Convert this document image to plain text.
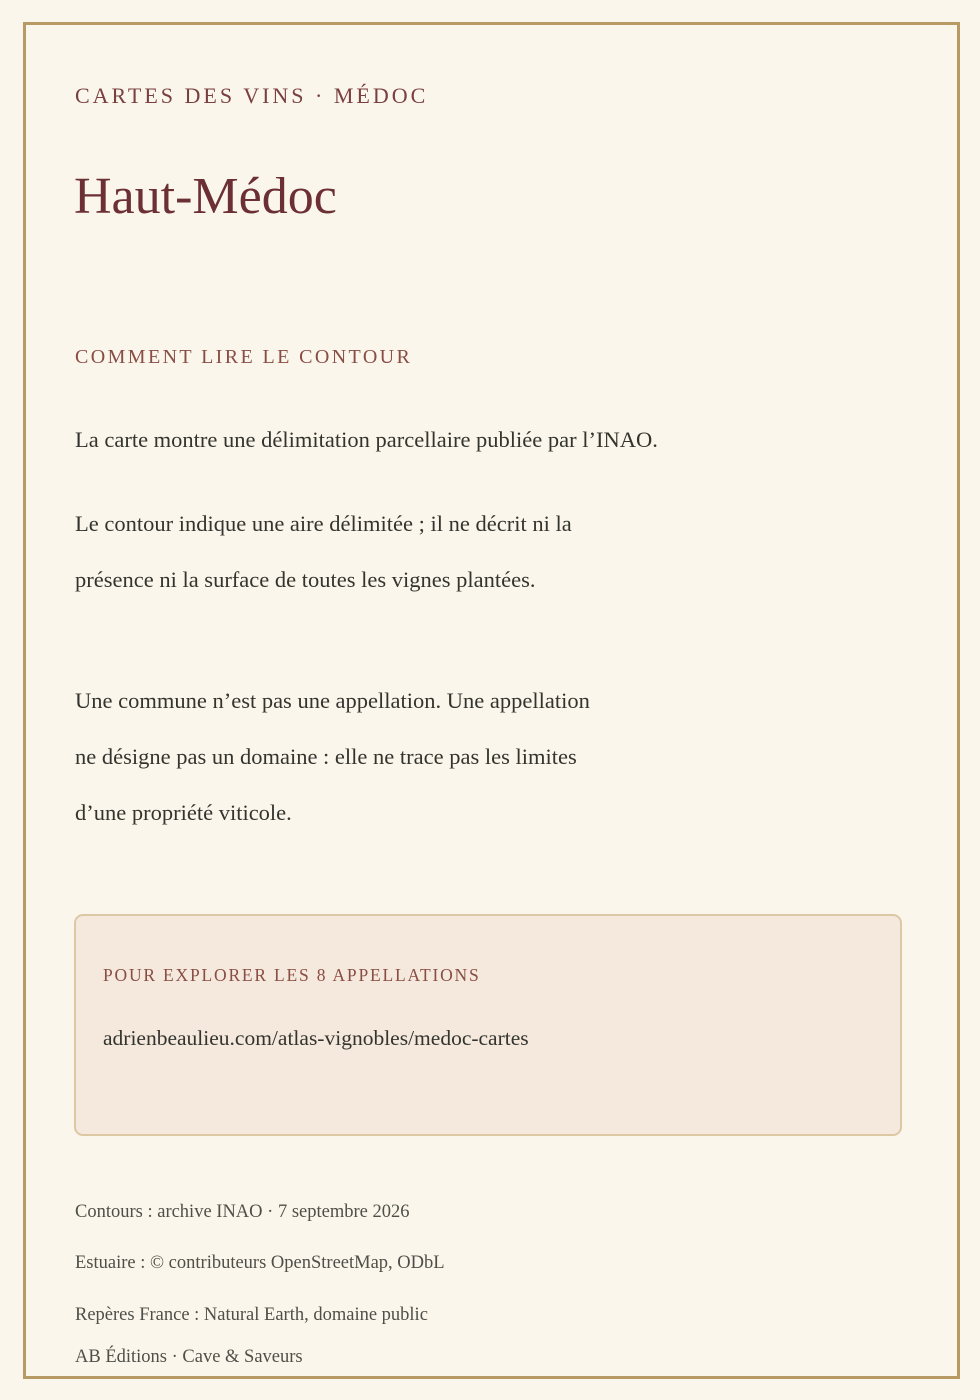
CARTES DES VINS · MÉDOC
Haut-Médoc
COMMENT LIRE LE CONTOUR
La carte montre une délimitation parcellaire publiée par l’INAO.
Le contour indique une aire délimitée ; il ne décrit ni la
présence ni la surface de toutes les vignes plantées.
Une commune n’est pas une appellation. Une appellation
ne désigne pas un domaine : elle ne trace pas les limites
d’une propriété viticole.
POUR EXPLORER LES 8 APPELLATIONS
adrienbeaulieu.com/atlas-vignobles/medoc-cartes
Contours : archive INAO · 7 septembre 2026
Estuaire : © contributeurs OpenStreetMap, ODbL
Repères France : Natural Earth, domaine public
AB Éditions · Cave & Saveurs
